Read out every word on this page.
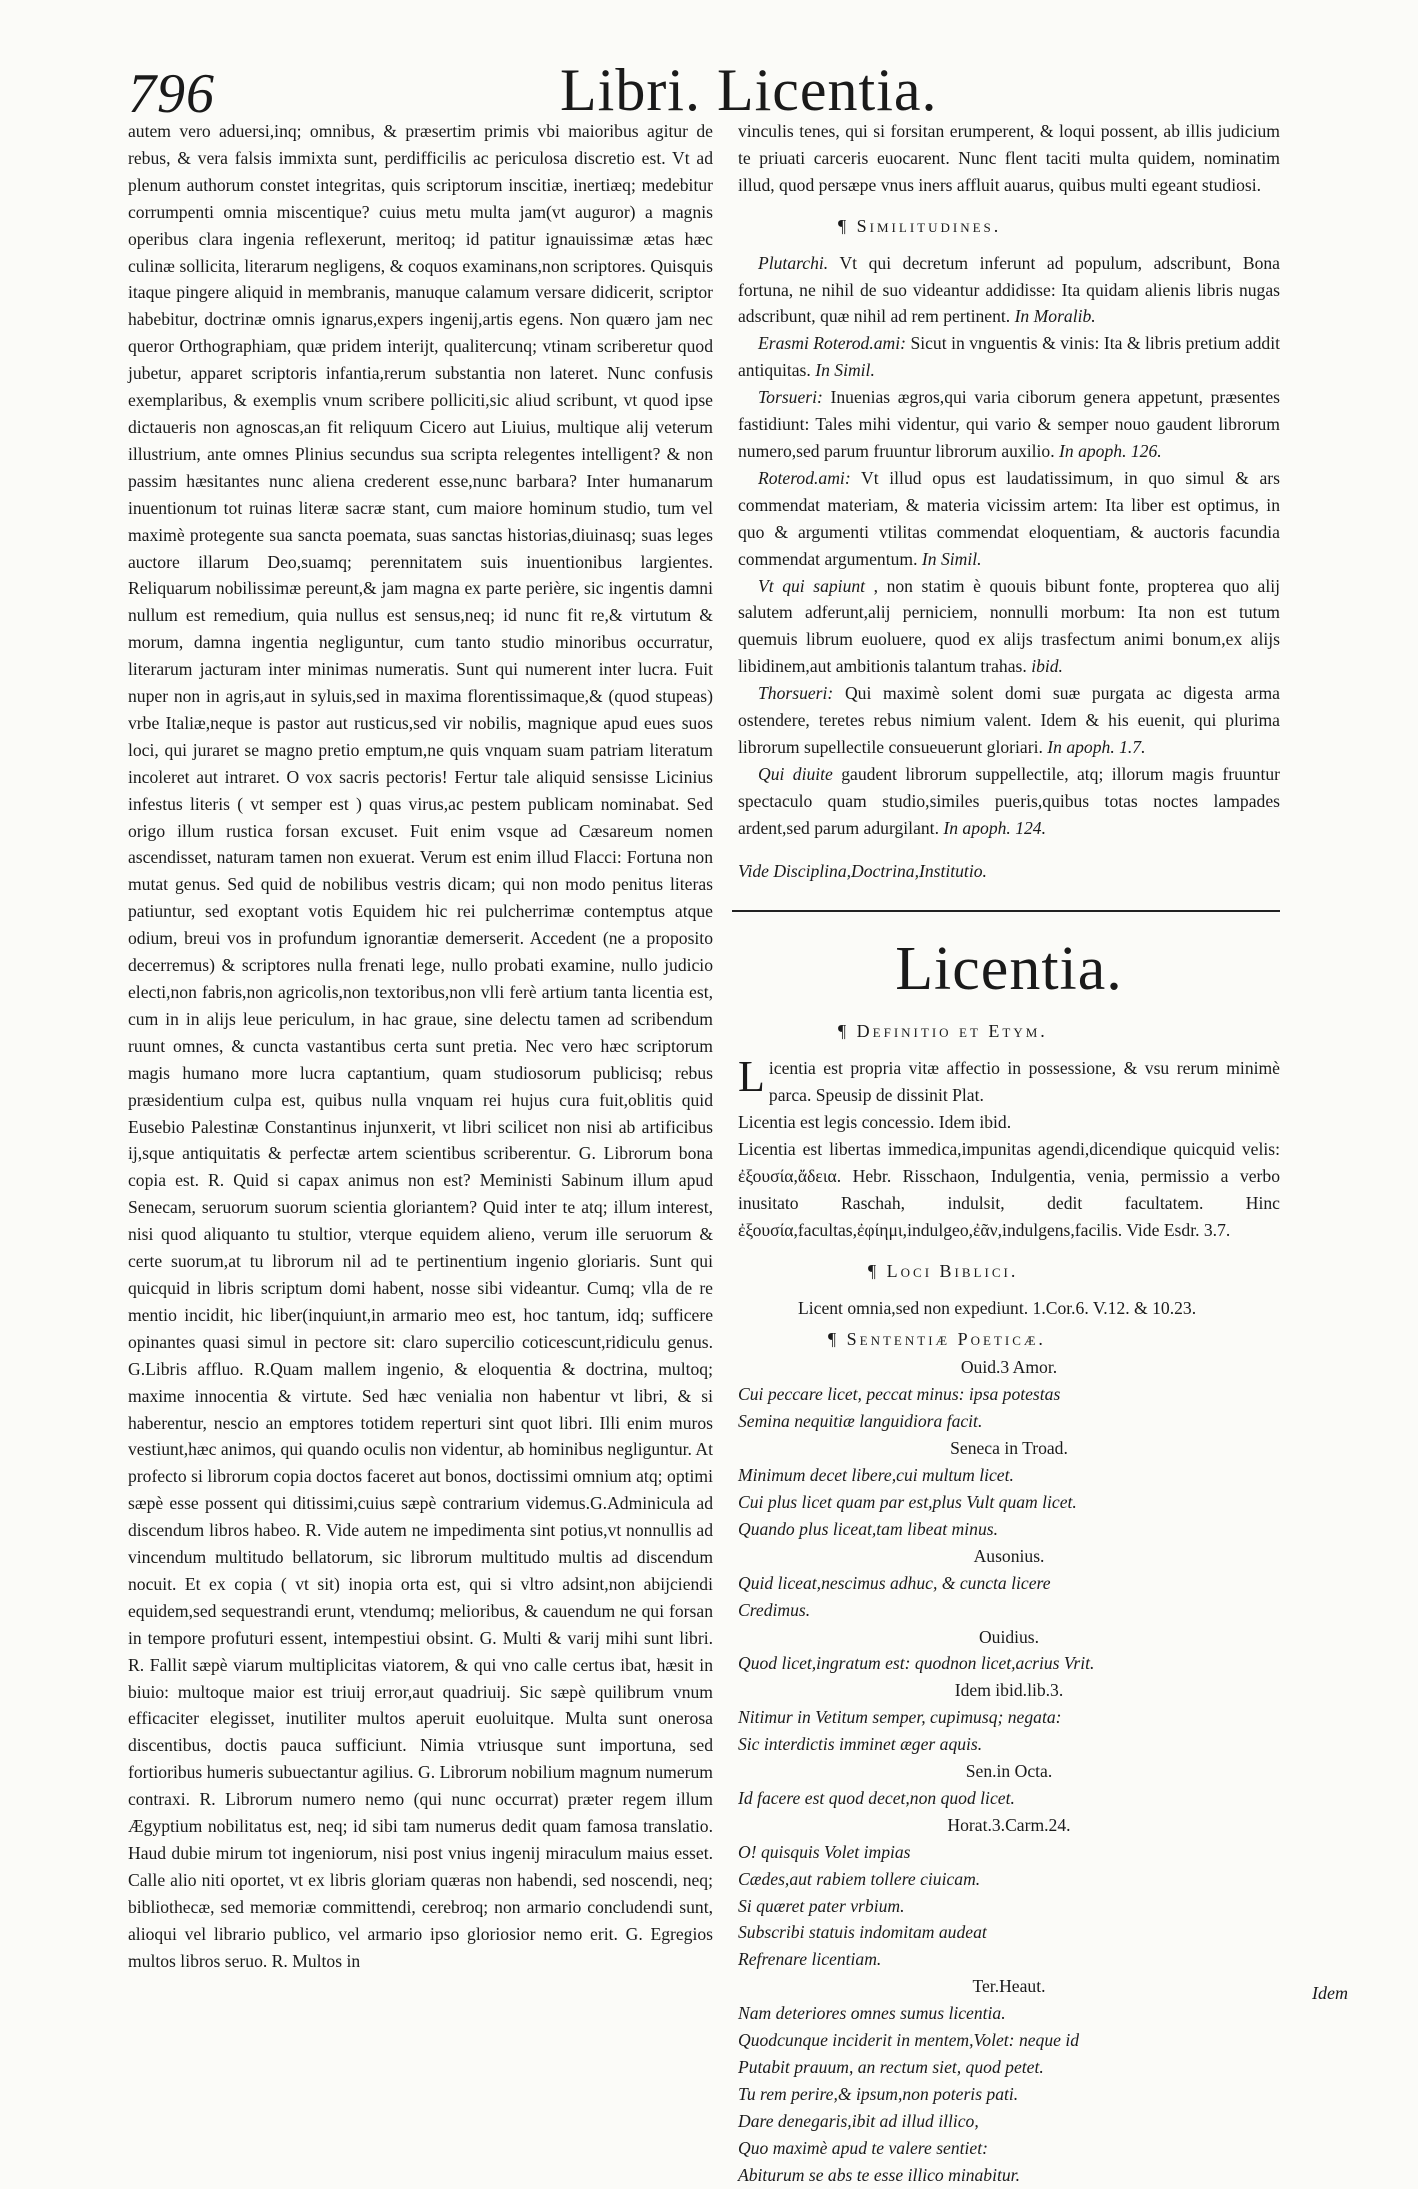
796	Libri. Licentia.

autem vero aduersi,inq; omnibus, & præsertim primis vbi maioribus agitur de rebus, & vera falsis immixta sunt, perdifficilis ac periculosa discretio est. Vt ad plenum authorum constet integritas, quis scriptorum inscitiæ, inertiæq; medebitur corrumpenti omnia miscentique? cuius metu multa jam(vt auguror) a magnis operibus clara ingenia reflexerunt, meritoq; id patitur ignauissimæ ætas hæc culinæ sollicita, literarum negligens, & coquos examinans,non scriptores. Quisquis itaque pingere aliquid in membranis, manuque calamum versare didicerit, scriptor habebitur, doctrinæ omnis ignarus,expers ingenij,artis egens. Non quæro jam nec queror Orthographiam, quæ pridem interijt, qualitercunq; vtinam scriberetur quod jubetur, apparet scriptoris infantia,rerum substantia non lateret. Nunc confusis exemplaribus, & exemplis vnum scribere polliciti,sic aliud scribunt, vt quod ipse dictaueris non agnoscas,an fit reliquum Cicero aut Liuius, multique alij veterum illustrium, ante omnes Plinius secundus sua scripta relegentes intelligent? & non passim hæsitantes nunc aliena crederent esse,nunc barbara? Inter humanarum inuentionum tot ruinas literæ sacræ stant, cum maiore hominum studio, tum vel maximè protegente sua sancta poemata, suas sanctas historias,diuinasq; suas leges auctore illarum Deo,suamq; perennitatem suis inuentionibus largientes. Reliquarum nobilissimæ pereunt,& jam magna ex parte perière, sic ingentis damni nullum est remedium, quia nullus est sensus,neq; id nunc fit re,& virtutum & morum, damna ingentia negliguntur, cum tanto studio minoribus occurratur, literarum jacturam inter minimas numeratis. Sunt qui numerent inter lucra. Fuit nuper non in agris,aut in syluis,sed in maxima florentissimaque,& (quod stupeas) vrbe Italiæ,neque is pastor aut rusticus,sed vir nobilis, magnique apud eues suos loci, qui juraret se magno pretio emptum,ne quis vnquam suam patriam literatum incoleret aut intraret. O vox sacris pectoris! Fertur tale aliquid sensisse Licinius infestus literis ( vt semper est ) quas virus,ac pestem publicam nominabat. Sed origo illum rustica forsan excuset. Fuit enim vsque ad Cæsareum nomen ascendisset, naturam tamen non exuerat. Verum est enim illud Flacci: Fortuna non mutat genus. Sed quid de nobilibus vestris dicam; qui non modo penitus literas patiuntur, sed exoptant votis Equidem hic rei pulcherrimæ contemptus atque odium, breui vos in profundum ignorantiæ demerserit. Accedent (ne a proposito decerremus) & scriptores nulla frenati lege, nullo probati examine, nullo judicio electi,non fabris,non agricolis,non textoribus,non vlli ferè artium tanta licentia est, cum in in alijs leue periculum, in hac graue, sine delectu tamen ad scribendum ruunt omnes, & cuncta vastantibus certa sunt pretia. Nec vero hæc scriptorum magis humano more lucra captantium, quam studiosorum publicisq; rebus præsidentium culpa est, quibus nulla vnquam rei hujus cura fuit,oblitis quid Eusebio Palestinæ Constantinus injunxerit, vt libri scilicet non nisi ab artificibus ij,sque antiquitatis & perfectæ artem scientibus scriberentur. G. Librorum bona copia est. R. Quid si capax animus non est? Meministi Sabinum illum apud Senecam, seruorum suorum scientia gloriantem? Quid inter te atq; illum interest, nisi quod aliquanto tu stultior, vterque equidem alieno, verum ille seruorum & certe suorum,at tu librorum nil ad te pertinentium ingenio gloriaris. Sunt qui quicquid in libris scriptum domi habent, nosse sibi videantur. Cumq; vlla de re mentio incidit, hic liber(inquiunt,in armario meo est, hoc tantum, idq; sufficere opinantes quasi simul in pectore sit: claro supercilio coticescunt,ridiculu genus. G.Libris affluo. R.Quam mallem ingenio, & eloquentia & doctrina, multoq; maxime innocentia & virtute. Sed hæc venialia non habentur vt libri, & si haberentur, nescio an emptores totidem reperturi sint quot libri. Illi enim muros vestiunt,hæc animos, qui quando oculis non videntur, ab hominibus negliguntur. At profecto si librorum copia doctos faceret aut bonos, doctissimi omnium atq; optimi sæpè esse possent qui ditissimi,cuius sæpè contrarium videmus.G.Adminicula ad discendum libros habeo. R. Vide autem ne impedimenta sint potius,vt nonnullis ad vincendum multitudo bellatorum, sic librorum multitudo multis ad discendum nocuit. Et ex copia ( vt sit) inopia orta est, qui si vltro adsint,non abijciendi equidem,sed sequestrandi erunt, vtendumq; melioribus, & cauendum ne qui forsan in tempore profuturi essent, intempestiui obsint. G. Multi & varij mihi sunt libri. R. Fallit sæpè viarum multiplicitas viatorem, & qui vno calle certus ibat, hæsit in biuio: multoque maior est triuij error,aut quadriuij. Sic sæpè quilibrum vnum efficaciter elegisset, inutiliter multos aperuit euoluitque. Multa sunt onerosa discentibus, doctis pauca sufficiunt. Nimia vtriusque sunt importuna, sed fortioribus humeris subuectantur agilius. G. Librorum nobilium magnum numerum contraxi. R. Librorum numero nemo (qui nunc occurrat) præter regem illum Ægyptium nobilitatus est, neq; id sibi tam numerus dedit quam famosa translatio. Haud dubie mirum tot ingeniorum, nisi post vnius ingenij miraculum maius esset. Calle alio niti oportet, vt ex libris gloriam quæras non habendi, sed noscendi, neq; bibliothecæ, sed memoriæ committendi, cerebroq; non armario concludendi sunt, alioqui vel librario publico, vel armario ipso gloriosior nemo erit. G. Egregios multos libros seruo. R. Multos in

vinculis tenes, qui si forsitan erumperent, & loqui possent, ab illis judicium te priuati carceris euocarent. Nunc flent taciti multa quidem, nominatim illud, quod persæpe vnus iners affluit auarus, quibus multi egeant studiosi.

¶ Similitudines.

Plutarchi. Vt qui decretum inferunt ad populum, adscribunt, Bona fortuna, ne nihil de suo videantur addidisse: Ita quidam alienis libris nugas adscribunt, quæ nihil ad rem pertinent. In Moralib.

Erasmi Roterod.ami: Sicut in vnguentis & vinis: Ita & libris pretium addit antiquitas. In Simil.

Torsueri: Inuenias ægros,qui varia ciborum genera appetunt, præsentes fastidiunt: Tales mihi videntur, qui vario & semper nouo gaudent librorum numero,sed parum fruuntur librorum auxilio. In apoph. 126.

Roterod.ami: Vt illud opus est laudatissimum, in quo simul & ars commendat materiam, & materia vicissim artem: Ita liber est optimus, in quo & argumenti vtilitas commendat eloquentiam, & auctoris facundia commendat argumentum. In Simil.

Vt qui sapiunt , non statim è quouis bibunt fonte, propterea quo alij salutem adferunt,alij perniciem, nonnulli morbum: Ita non est tutum quemuis librum euoluere, quod ex alijs trasfectum animi bonum,ex alijs libidinem,aut ambitionis talantum trahas. ibid.

Thorsueri: Qui maximè solent domi suæ purgata ac digesta arma ostendere, teretes rebus nimium valent. Idem & his euenit, qui plurima librorum supellectile consueuerunt gloriari. In apoph. 1.7.

Qui diuite gaudent librorum suppellectile, atq; illorum magis fruuntur spectaculo quam studio,similes pueris,quibus totas noctes lampades ardent,sed parum adurgilant. In apoph. 124.

Vide Disciplina,Doctrina,Institutio.

Licentia.
¶ Definitio et Etym.

Licentia est propria vitæ affectio in possessione, & vsu rerum minimè parca. Speusip de dissinit Plat.

Licentia est legis concessio. Idem ibid.

Licentia est libertas immedica,impunitas agendi,dicendique quicquid velis: ἐξουσία,ἄδεια. Hebr. Risschaon, Indulgentia, venia, permissio a verbo inusitato Raschah, indulsit, dedit facultatem. Hinc ἐξουσία,facultas,ἐφίημι,indulgeo,ἐᾶν,indulgens,facilis. Vide Esdr. 3.7.

¶ Loci Biblici.

Licent omnia,sed non expediunt. 1.Cor.6. V.12. & 10.23.

¶ Sententiæ Poeticæ.

Ouid.3 Amor.

Cui peccare licet, peccat minus: ipsa potestas

Semina nequitiæ languidiora facit.

Seneca in Troad.

Minimum decet libere,cui multum licet.

Cui plus licet quam par est,plus Vult quam licet.

Quando plus liceat,tam libeat minus.

Ausonius.

Quid liceat,nescimus adhuc, & cuncta licere

Credimus.

Ouidius.

Quod licet,ingratum est: quodnon licet,acrius Vrit.

Idem ibid.lib.3.

Nitimur in Vetitum semper, cupimusq; negata:

Sic interdictis imminet æger aquis.

Sen.in Octa.

Id facere est quod decet,non quod licet.

Horat.3.Carm.24.

O! quisquis Volet impias

Cædes,aut rabiem tollere ciuicam.

Si quæret pater vrbium.

Subscribi statuis indomitam audeat

Refrenare licentiam.

Ter.Heaut.

Nam deteriores omnes sumus licentia.

Quodcunque inciderit in mentem,Volet: neque id

Putabit prauum, an rectum siet, quod petet.

Tu rem perire,& ipsum,non poteris pati.

Dare denegaris,ibit ad illud illico,

Quo maximè apud te valere sentiet:

Abiturum se abs te esse illico minabitur.

Idem
